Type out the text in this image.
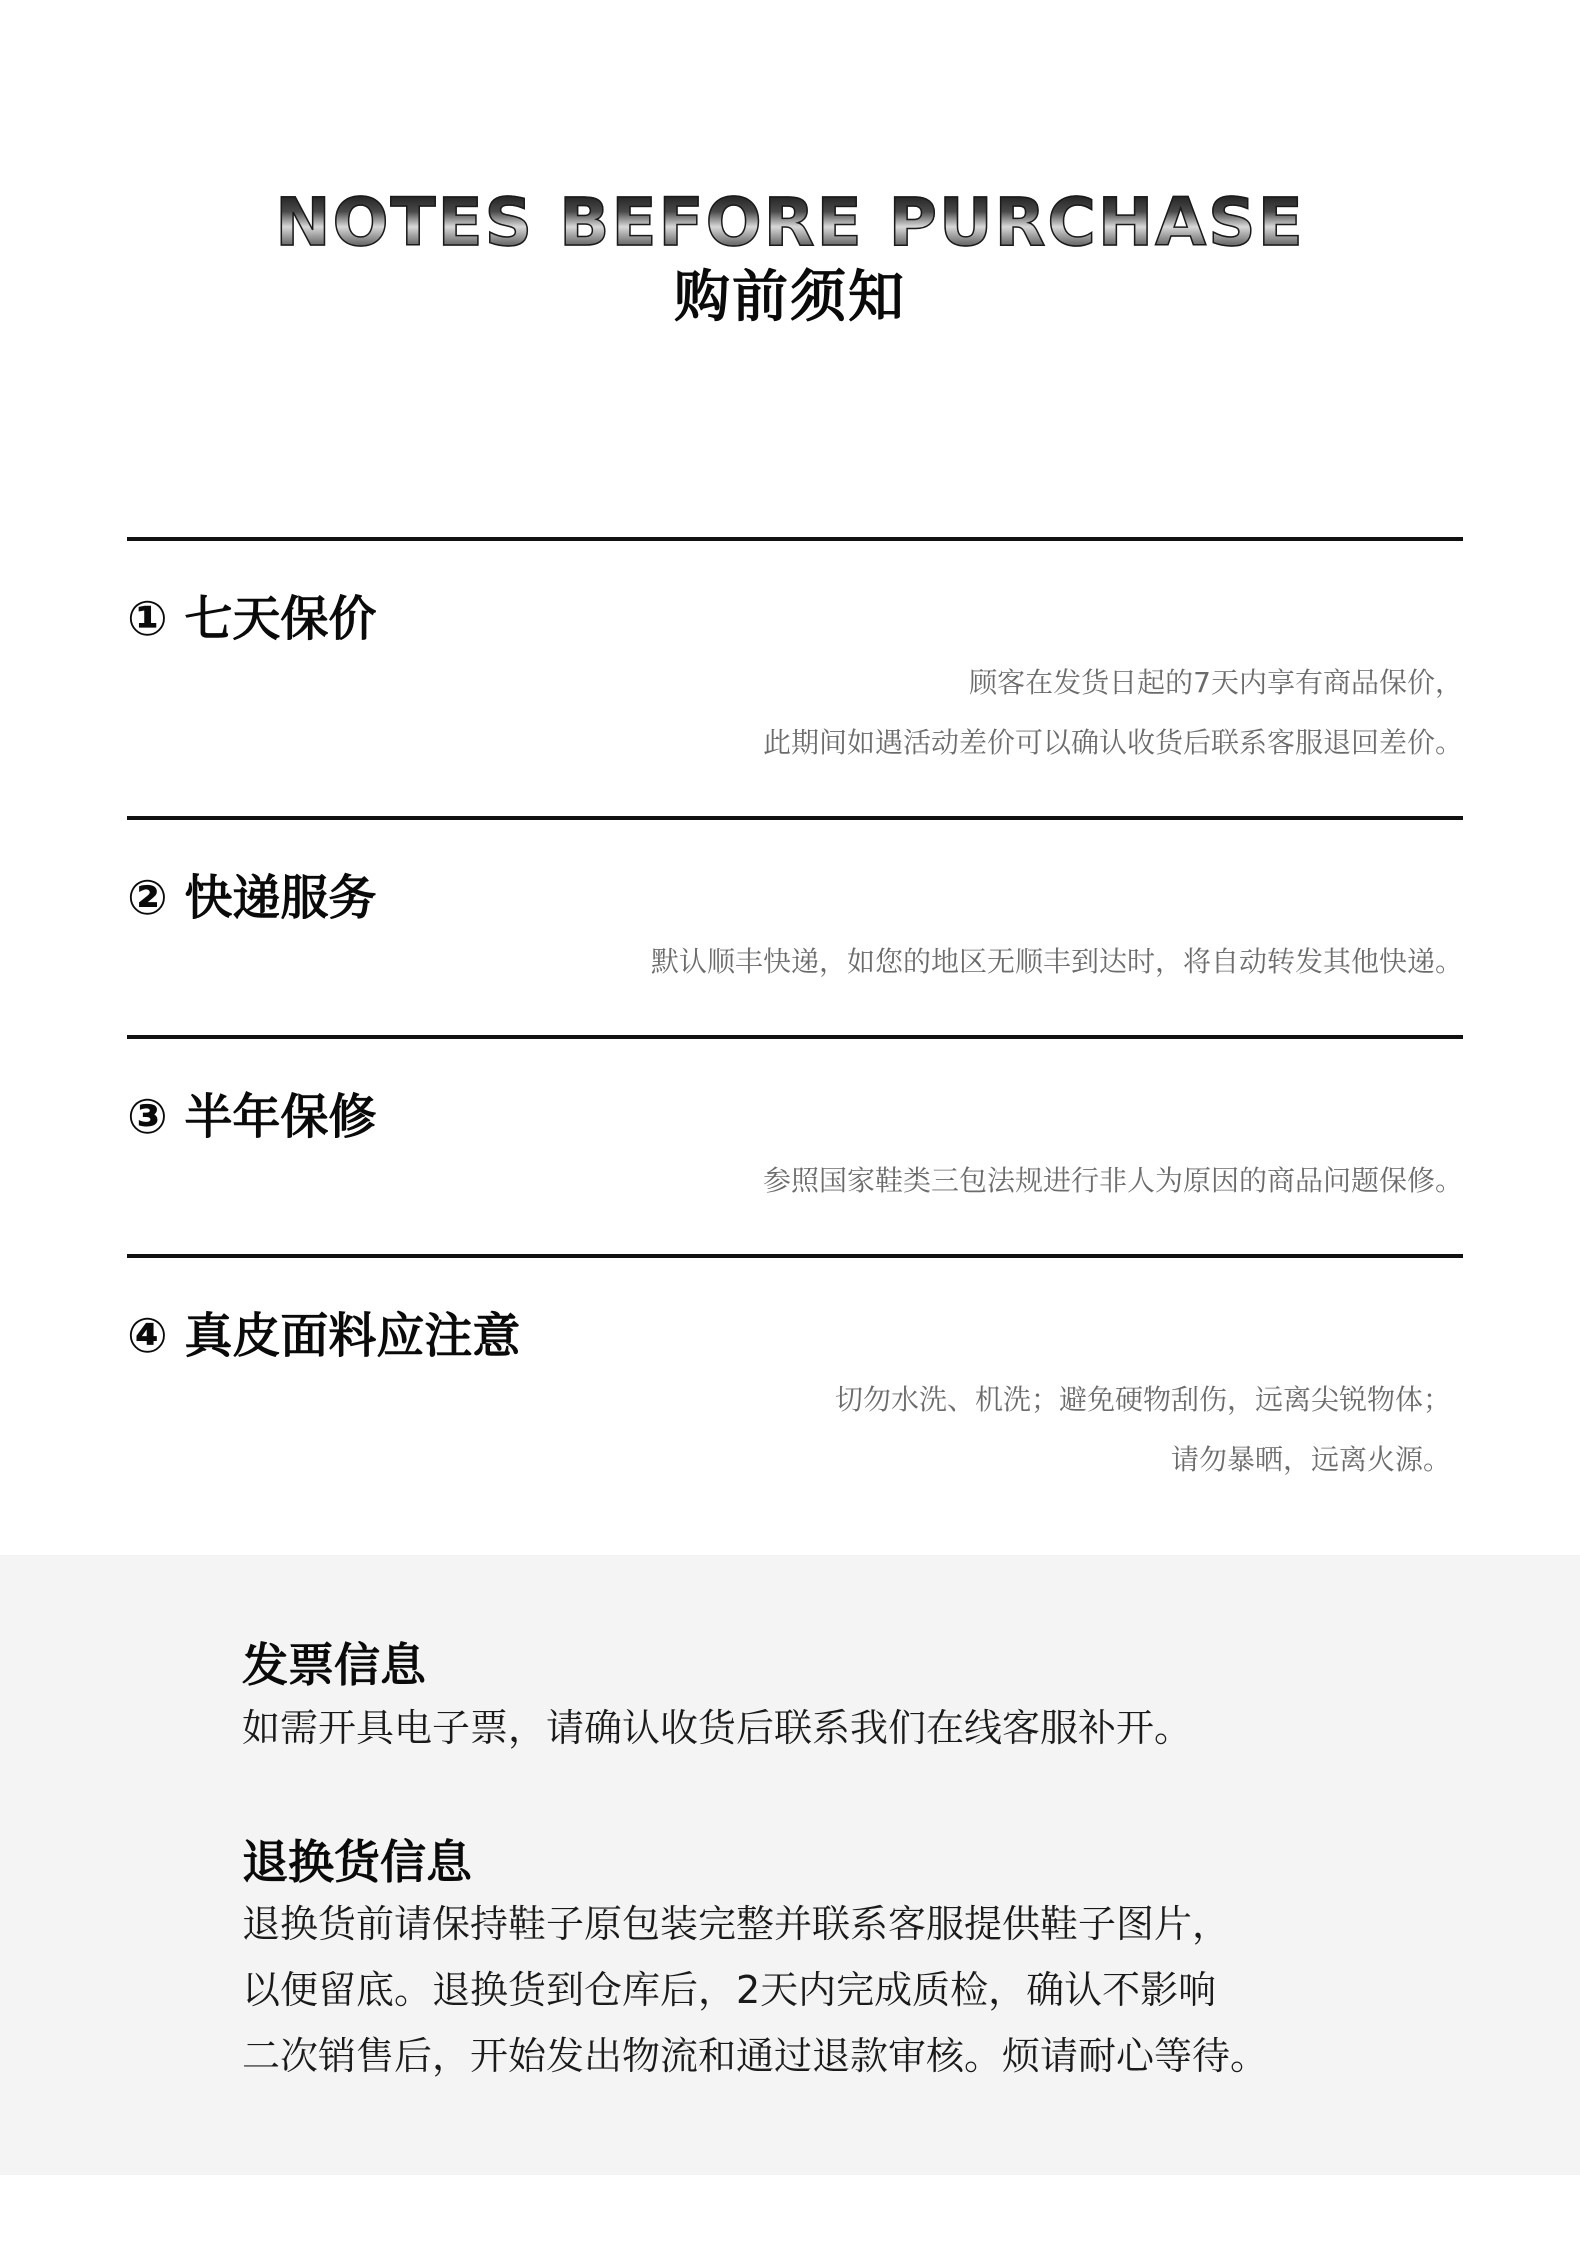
NOTES BEFORE PURCHASE
购前须知
① 七天保价
顾客在发货日起的7天内享有商品保价，
此期间如遇活动差价可以确认收货后联系客服退回差价。
② 快递服务
默认顺丰快递，如您的地区无顺丰到达时，将自动转发其他快递。
③ 半年保修
参照国家鞋类三包法规进行非人为原因的商品问题保修。
④ 真皮面料应注意
切勿水洗、机洗；避免硬物刮伤，远离尖锐物体；
请勿暴晒，远离火源。
发票信息
如需开具电子票，请确认收货后联系我们在线客服补开。
退换货信息
退换货前请保持鞋子原包装完整并联系客服提供鞋子图片，
以便留底。退换货到仓库后，2天内完成质检，确认不影响
二次销售后，开始发出物流和通过退款审核。烦请耐心等待。
